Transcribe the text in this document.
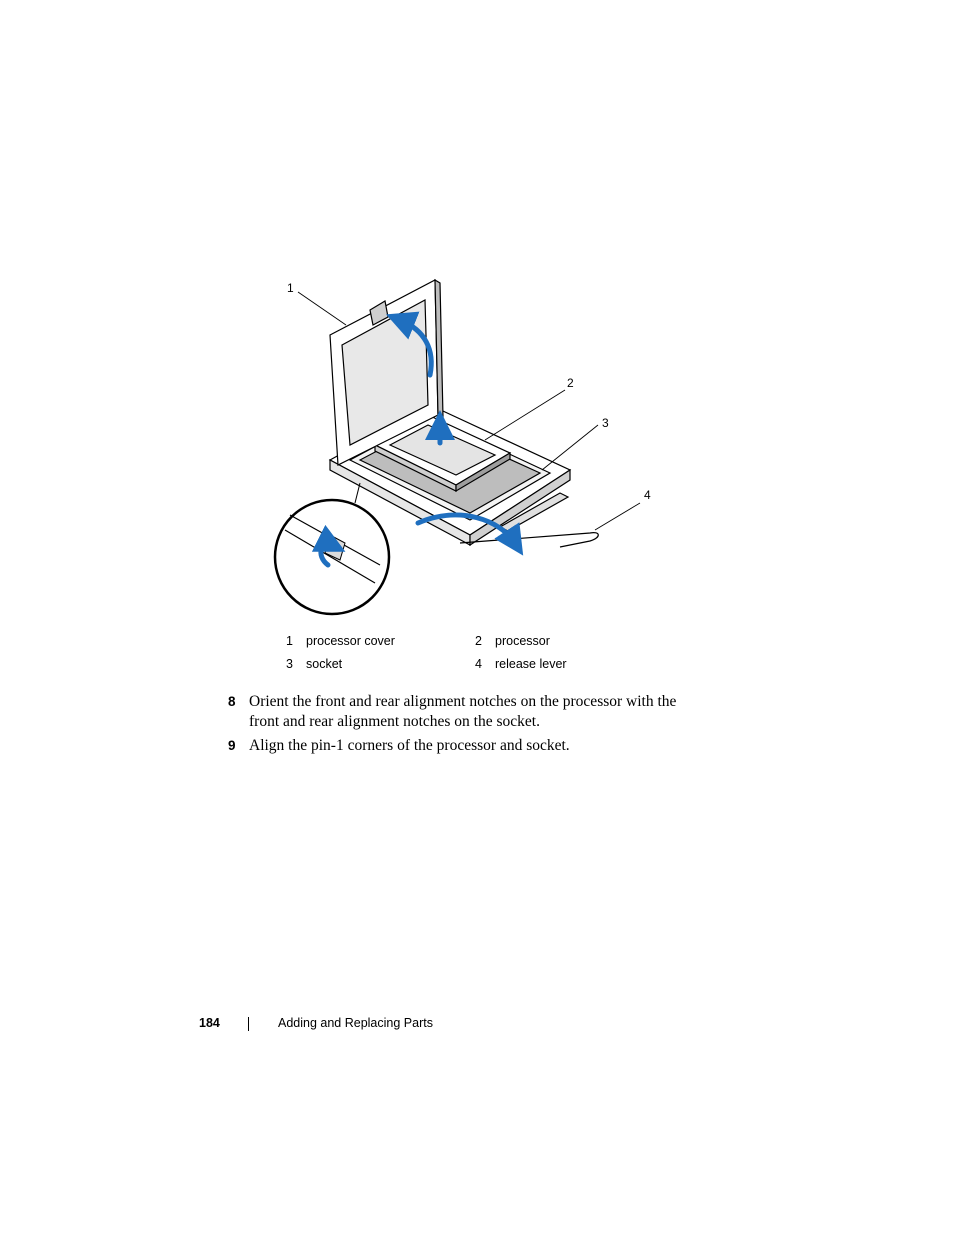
1
2
3
4
1 processor cover	2 processor
3 socket	4 release lever
8 Orient the front and rear alignment notches on the processor with the front and rear alignment notches on the socket.
9 Align the pin-1 corners of the processor and socket.
184	Adding and Replacing Parts
